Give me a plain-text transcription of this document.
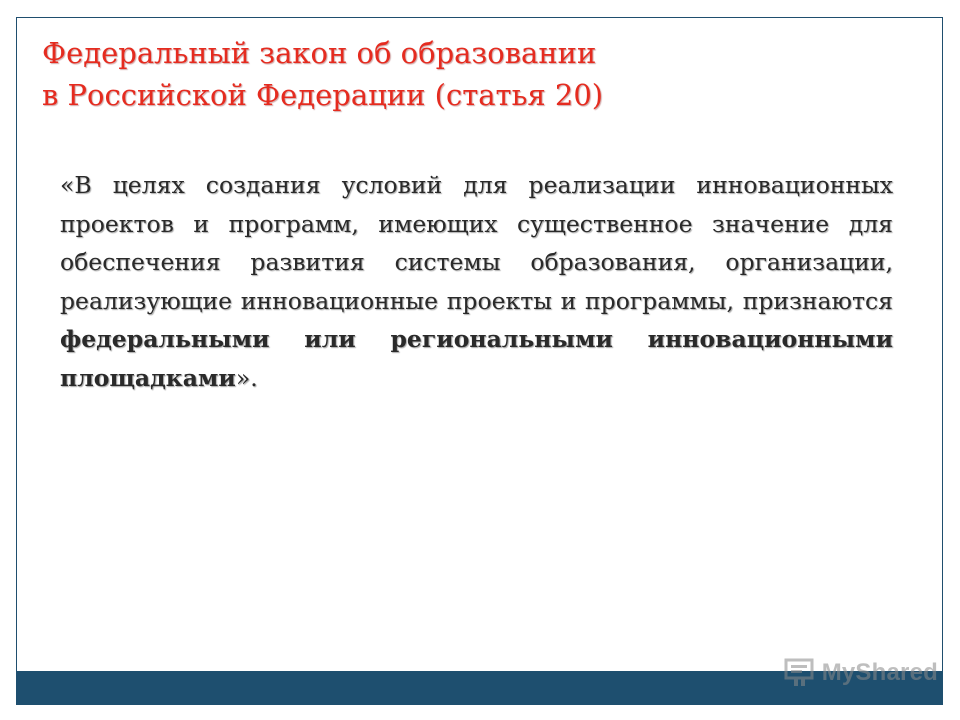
Федеральный закон об образовании
в Российской Федерации (статья 20)

«В целях создания условий для реализации инновационных проектов и программ, имеющих существенное значение для обеспечения развития системы образования, организации, реализующие инновационные проекты и программы, признаются федеральными или региональными инновационными площадками».

MyShared
